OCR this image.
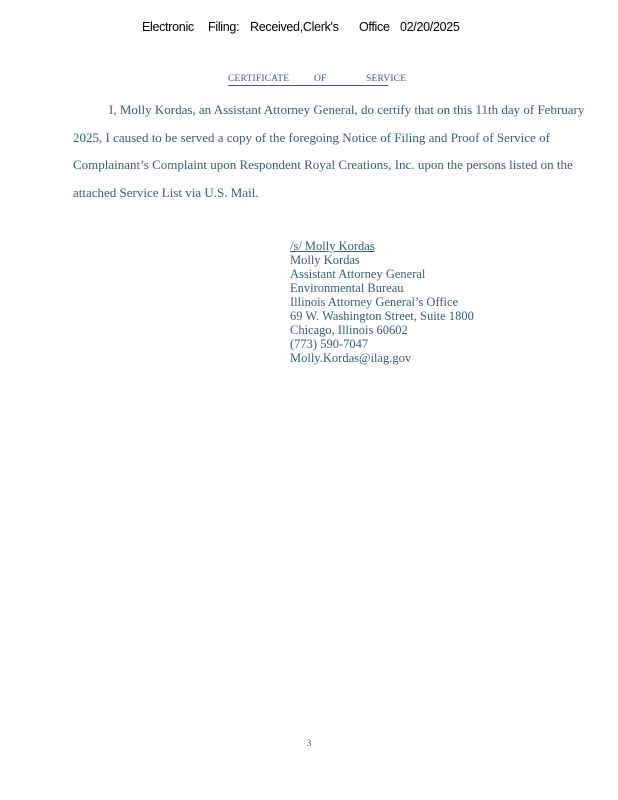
Electronic Filing: Received,Clerk's Office 02/20/2025
CERTIFICATE	OF	SERVICE
I, Molly Kordas, an Assistant Attorney General, do certify that on this 11th day of February
2025, I caused to be served a copy of the foregoing Notice of Filing and Proof of Service of
Complainant’s Complaint upon Respondent Royal Creations, Inc. upon the persons listed on the
attached Service List via U.S. Mail.
/s/ Molly Kordas
Molly Kordas
Assistant Attorney General
Environmental Bureau
Illinois Attorney General’s Office
69 W. Washington Street, Suite 1800
Chicago, Illinois 60602
(773) 590-7047
Molly.Kordas@ilag.gov
3
